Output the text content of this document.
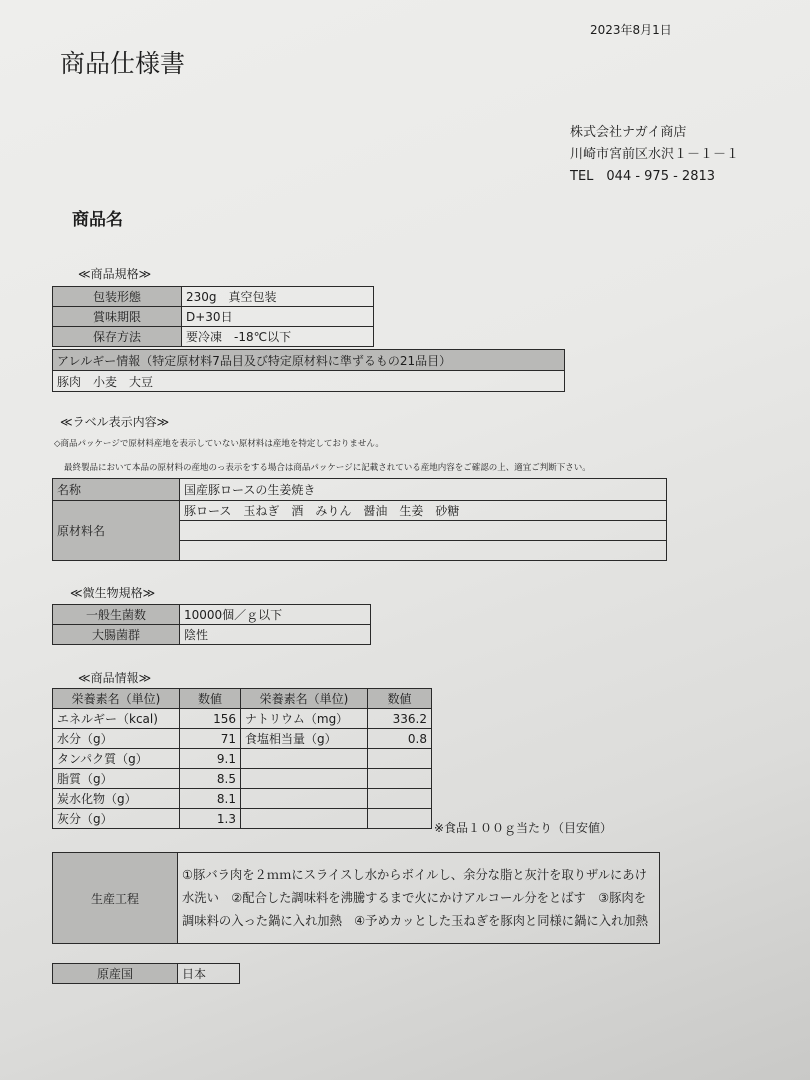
2023年8月1日
商品仕様書
株式会社ナガイ商店
川崎市宮前区水沢１－１－１
TEL　044 - 975 - 2813
商品名
≪商品規格≫
包装形態	230g　真空包装
賞味期限	D+30日
保存方法	要冷凍　-18℃以下
アレルギー情報（特定原材料7品目及び特定原材料に準ずるもの21品目）
豚肉　小麦　大豆
≪ラベル表示内容≫
◇商品パッケージで原材料産地を表示していない原材料は産地を特定しておりません。
最終製品において本品の原材料の産地のっ表示をする場合は商品パッケージに記載されている産地内容をご確認の上、適宜ご判断下さい。
名称	国産豚ロースの生姜焼き
原材料名	豚ロース　玉ねぎ　酒　みりん　醤油　生姜　砂糖

≪微生物規格≫
一般生菌数	10000個／ｇ以下
大腸菌群	陰性
≪商品情報≫
栄養素名（単位)	数値	栄養素名（単位)	数値
エネルギー（kcal)	156	ナトリウム（mg）	336.2
水分（g）	71	食塩相当量（g）	0.8
タンパク質（g）	9.1		
脂質（g）	8.5		
炭水化物（g）	8.1		
灰分（g）	1.3		
※食品１００ｇ当たり（目安値）
生産工程	①豚バラ肉を２ｍｍにスライスし水からボイルし、余分な脂と灰汁を取りザルにあけ水洗い　②配合した調味料を沸騰するまで火にかけアルコール分をとばす　③豚肉を調味料の入った鍋に入れ加熱　④予めカッとした玉ねぎを豚肉と同様に鍋に入れ加熱
原産国	日本
